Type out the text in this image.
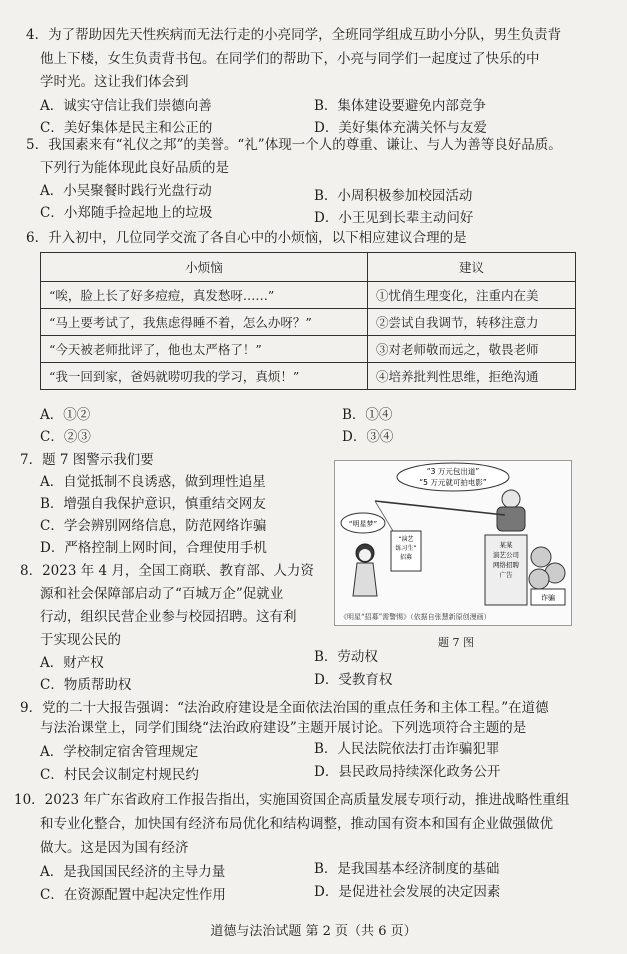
4．为了帮助因先天性疾病而无法行走的小亮同学，全班同学组成互助小分队，男生负责背
他上下楼，女生负责背书包。在同学们的帮助下，小亮与同学们一起度过了快乐的中
学时光。这让我们体会到
A．诚实守信让我们崇德向善	B．集体建设要避免内部竞争
C．美好集体是民主和公正的	D．美好集体充满关怀与友爱
5．我国素来有“礼仪之邦”的美誉。“礼”体现一个人的尊重、谦让、与人为善等良好品质。
下列行为能体现此良好品质的是
A．小吴聚餐时践行光盘行动	B．小周积极参加校园活动
C．小郑随手捡起地上的垃圾	D．小王见到长辈主动问好
6．升入初中，几位同学交流了各自心中的小烦恼，以下相应建议合理的是
小烦恼	建议
“唉，脸上长了好多痘痘，真发愁呀……”	①忧俏生理变化，注重内在美
“马上要考试了，我焦虑得睡不着，怎么办呀？”	②尝试自我调节，转移注意力
“今天被老师批评了，他也太严格了！”	③对老师敬而远之，敬畏老师
“我一回到家，爸妈就唠叨我的学习，真烦！”	④培养批判性思维，拒绝沟通
A．①②	B．①④
C．②③	D．③④
7．题 7 图警示我们要
A．自觉抵制不良诱惑，做到理性追星
B．增强自我保护意识，慎重结交网友
C．学会辨别网络信息，防范网络诈骗
D．严格控制上网时间，合理使用手机
“3 万元包出道”
“5 万元就可拍电影”
“演艺
练习生”
招募
“明星梦”
某某
演艺公司
网络招聘
广告
诈骗
《明星“招募”需警惕》（依据自张慧新原创漫画）
题 7 图
8．2023 年 4 月，全国工商联、教育部、人力资
源和社会保障部启动了“百城万企”促就业
行动，组织民营企业参与校园招聘。这有利
于实现公民的
A．财产权	B．劳动权
C．物质帮助权	D．受教育权
9．党的二十大报告强调：“法治政府建设是全面依法治国的重点任务和主体工程。”在道德
与法治课堂上，同学们围绕“法治政府建设”主题开展讨论。下列选项符合主题的是
A．学校制定宿舍管理规定	B．人民法院依法打击诈骗犯罪
C．村民会议制定村规民约	D．县民政局持续深化政务公开
10．2023 年广东省政府工作报告指出，实施国资国企高质量发展专项行动，推进战略性重组
和专业化整合，加快国有经济布局优化和结构调整，推动国有资本和国有企业做强做优
做大。这是因为国有经济
A．是我国国民经济的主导力量	B．是我国基本经济制度的基础
C．在资源配置中起决定性作用	D．是促进社会发展的决定因素
道德与法治试题 第 2 页（共 6 页）
